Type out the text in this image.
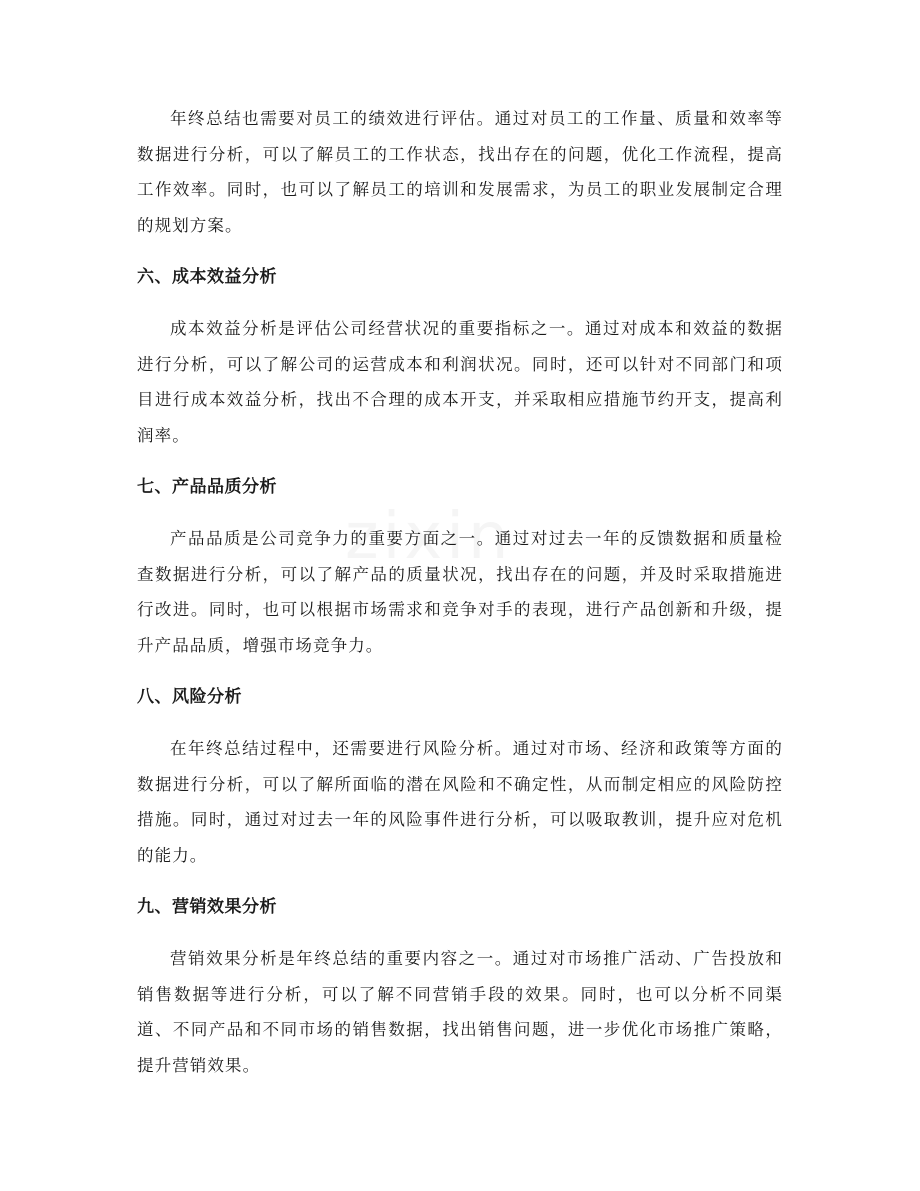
zixin

年终总结也需要对员工的绩效进行评估。通过对员工的工作量、质量和效率等数据进行分析，可以了解员工的工作状态，找出存在的问题，优化工作流程，提高工作效率。同时，也可以了解员工的培训和发展需求，为员工的职业发展制定合理的规划方案。

六、成本效益分析

成本效益分析是评估公司经营状况的重要指标之一。通过对成本和效益的数据进行分析，可以了解公司的运营成本和利润状况。同时，还可以针对不同部门和项目进行成本效益分析，找出不合理的成本开支，并采取相应措施节约开支，提高利润率。

七、产品品质分析

产品品质是公司竞争力的重要方面之一。通过对过去一年的反馈数据和质量检查数据进行分析，可以了解产品的质量状况，找出存在的问题，并及时采取措施进行改进。同时，也可以根据市场需求和竞争对手的表现，进行产品创新和升级，提升产品品质，增强市场竞争力。

八、风险分析

在年终总结过程中，还需要进行风险分析。通过对市场、经济和政策等方面的数据进行分析，可以了解所面临的潜在风险和不确定性，从而制定相应的风险防控措施。同时，通过对过去一年的风险事件进行分析，可以吸取教训，提升应对危机的能力。

九、营销效果分析

营销效果分析是年终总结的重要内容之一。通过对市场推广活动、广告投放和销售数据等进行分析，可以了解不同营销手段的效果。同时，也可以分析不同渠道、不同产品和不同市场的销售数据，找出销售问题，进一步优化市场推广策略，提升营销效果。
